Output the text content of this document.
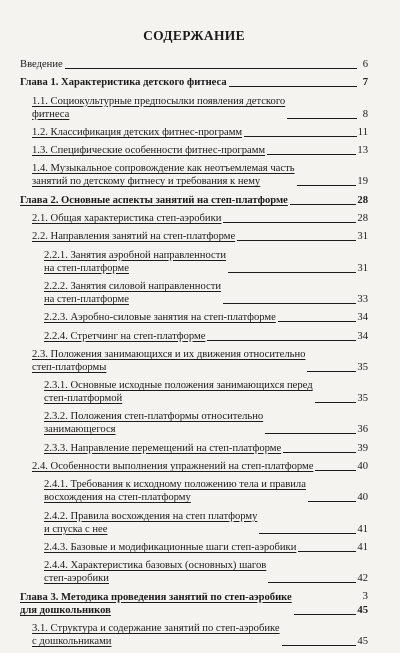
СОДЕРЖАНИЕ
Введение	6
Глава 1. Характеристика детского фитнеса	7
1.1. Социокультурные предпосылки появления детского
фитнеса	8
1.2. Классификация детских фитнес-программ	11
1.3. Специфические особенности фитнес-программ	13
1.4. Музыкальное сопровождение как неотъемлемая часть
занятий по детскому фитнесу и требования к нему	19
Глава 2. Основные аспекты занятий на степ-платформе	28
2.1. Общая характеристика степ-аэробики	28
2.2. Направления занятий на степ-платформе	31
2.2.1. Занятия аэробной направленности
на степ-платформе	31
2.2.2. Занятия силовой направленности
на степ-платформе	33
2.2.3. Аэробно-силовые занятия на степ-платформе	34
2.2.4. Стретчинг на степ-платформе	34
2.3. Положения занимающихся и их движения относительно
степ-платформы	35
2.3.1. Основные исходные положения занимающихся перед
степ-платформой	35
2.3.2. Положения степ-платформы относительно
занимающегося	36
2.3.3. Направление перемещений на степ-платформе	39
2.4. Особенности выполнения упражнений на степ-платформе	40
2.4.1. Требования к исходному положению тела и правила
восхождения на степ-платформу	40
2.4.2. Правила восхождения на степ платформу
и спуска с нее	41
2.4.3. Базовые и модификационные шаги степ-аэробики	41
2.4.4. Характеристика базовых (основных) шагов
степ-аэробики	42
Глава 3. Методика проведения занятий по степ-аэробике
для дошкольников	45
3.1. Структура и содержание занятий по степ-аэробике
с дошкольниками	45
3
